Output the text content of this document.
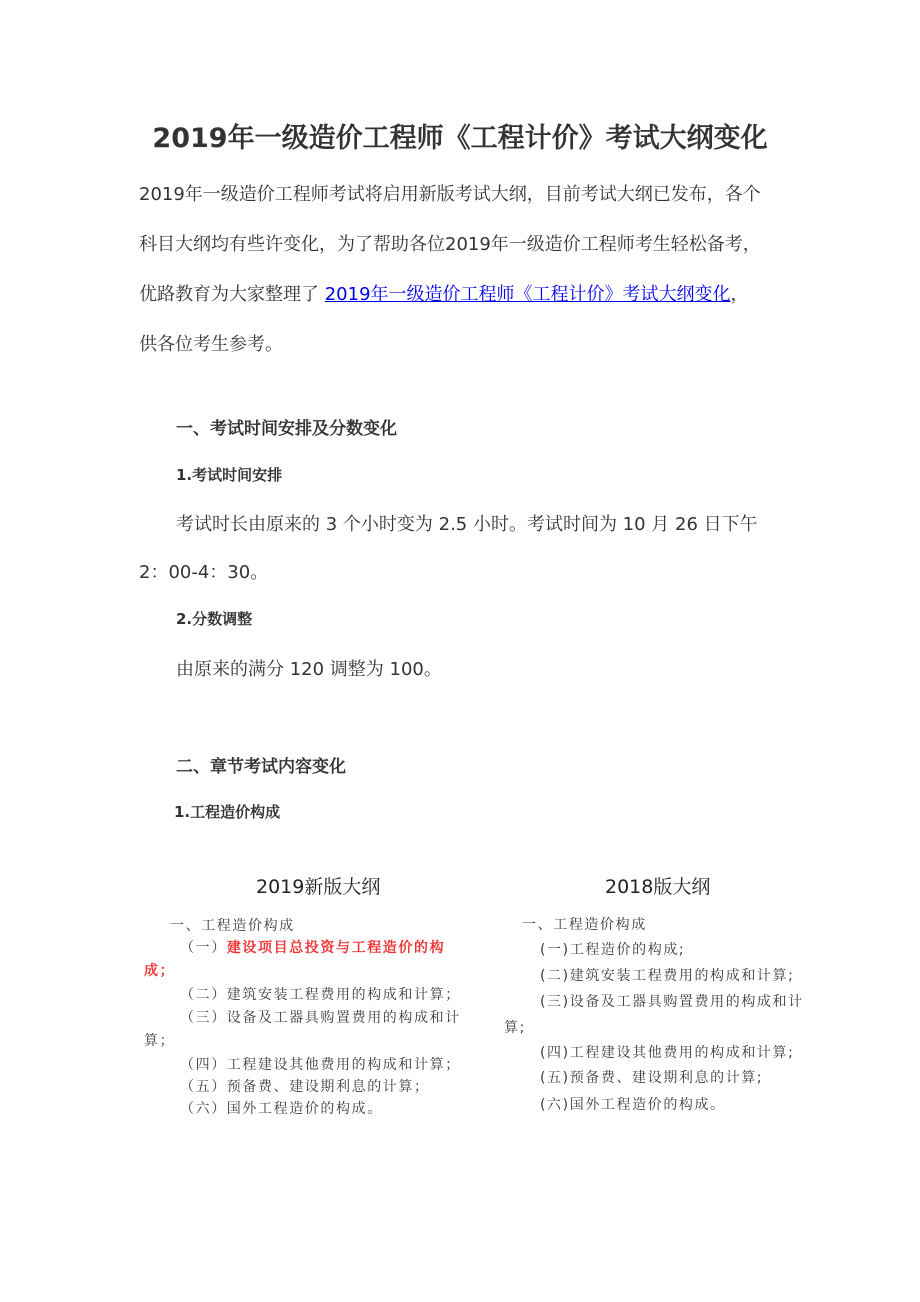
2019年一级造价工程师《工程计价》考试大纲变化

2019年一级造价工程师考试将启用新版考试大纲，目前考试大纲已发布，各个

科目大纲均有些许变化，为了帮助各位2019年一级造价工程师考生轻松备考，

优路教育为大家整理了 2019年一级造价工程师《工程计价》考试大纲变化，

供各位考生参考。

一、考试时间安排及分数变化
1.考试时间安排
考试时长由原来的 3 个小时变为 2.5 小时。考试时间为 10 月 26 日下午
2：00-4：30。
2.分数调整
由原来的满分 120 调整为 100。
二、章节考试内容变化
1.工程造价构成
2019新版大纲
一、工程造价构成
（一）建设项目总投资与工程造价的构
成；
（二）建筑安装工程费用的构成和计算；
（三）设备及工器具购置费用的构成和计
算；
（四）工程建设其他费用的构成和计算；
（五）预备费、建设期利息的计算；
（六）国外工程造价的构成。
2018版大纲
一、工程造价构成
(一)工程造价的构成;
(二)建筑安装工程费用的构成和计算;
(三)设备及工器具购置费用的构成和计
算;
(四)工程建设其他费用的构成和计算;
(五)预备费、建设期利息的计算;
(六)国外工程造价的构成。
